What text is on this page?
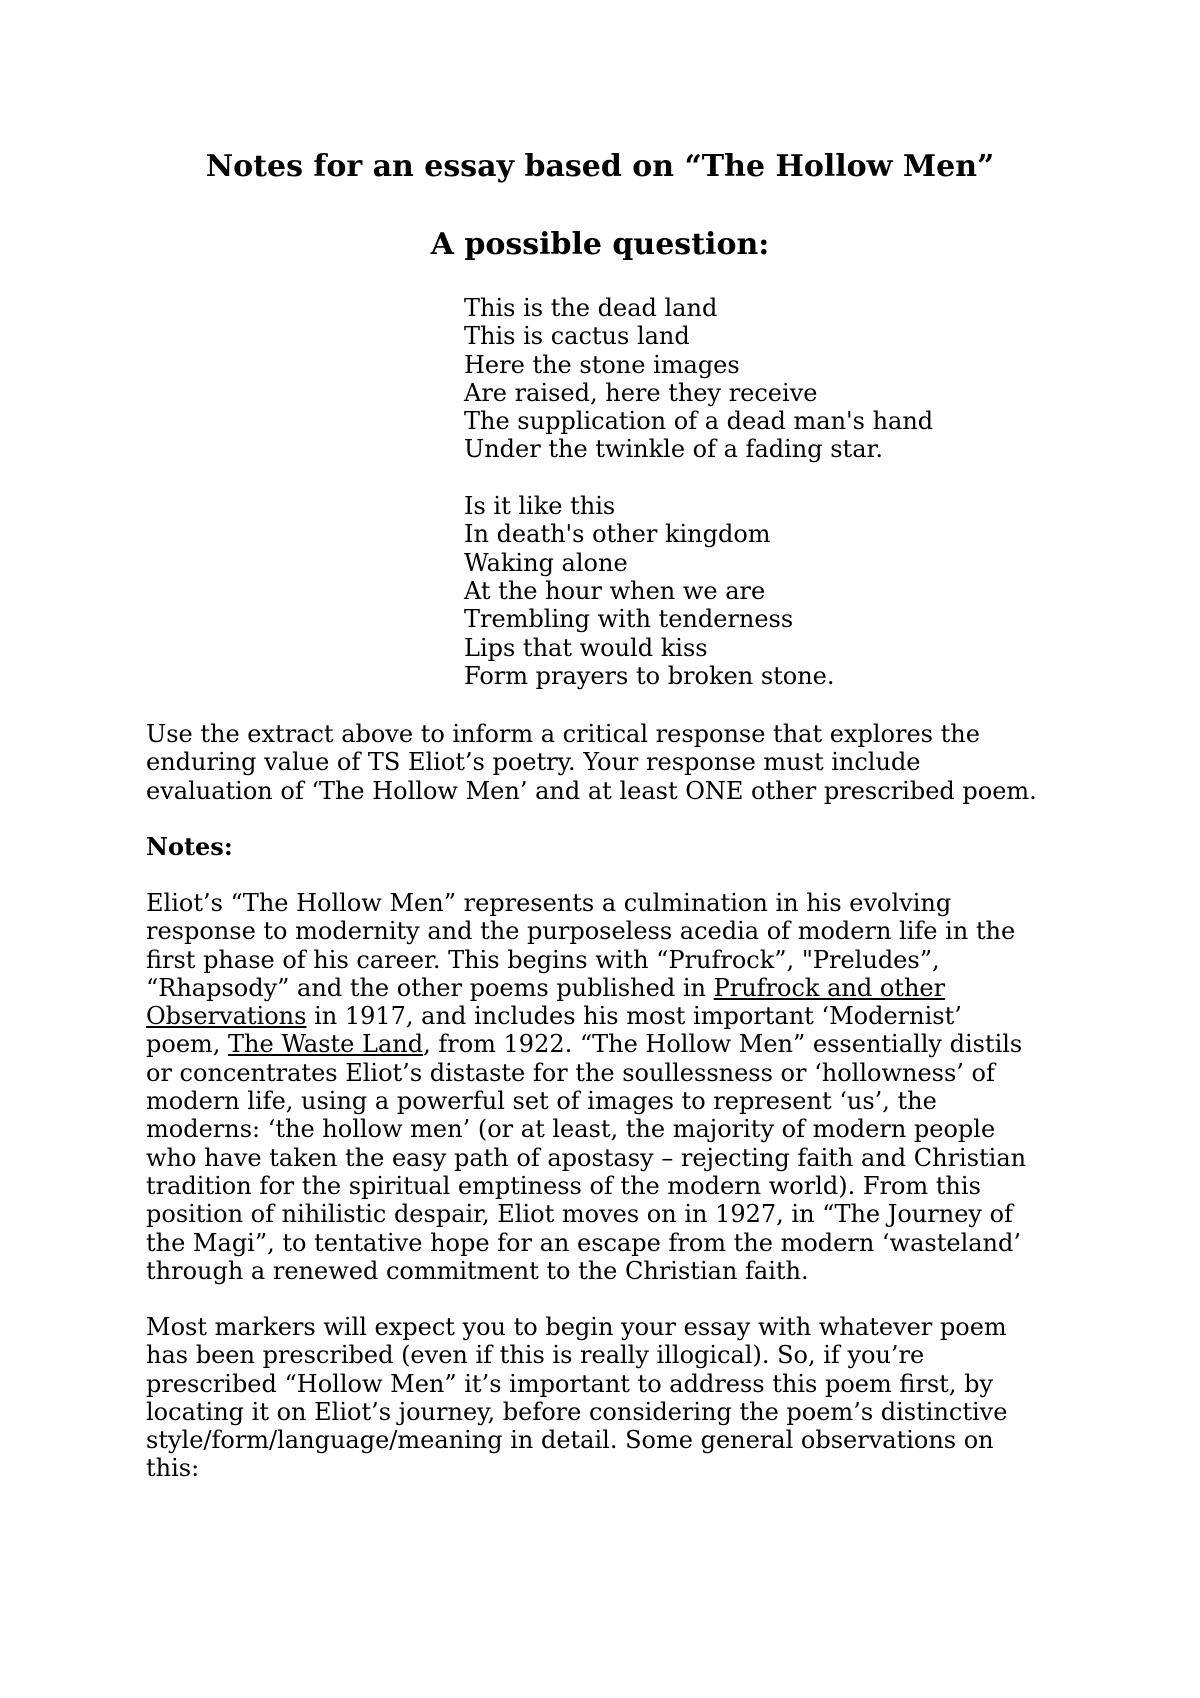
Notes for an essay based on “The Hollow Men”
A possible question:
This is the dead land
This is cactus land
Here the stone images
Are raised, here they receive
The supplication of a dead man's hand
Under the twinkle of a fading star.
Is it like this
In death's other kingdom
Waking alone
At the hour when we are
Trembling with tenderness
Lips that would kiss
Form prayers to broken stone.
Use the extract above to inform a critical response that explores the
enduring value of TS Eliot’s poetry. Your response must include
evaluation of ‘The Hollow Men’ and at least ONE other prescribed poem.
Notes:
Eliot’s “The Hollow Men” represents a culmination in his evolving
response to modernity and the purposeless acedia of modern life in the
first phase of his career. This begins with “Prufrock”, "Preludes”,
“Rhapsody” and the other poems published in Prufrock and other
Observations in 1917, and includes his most important ‘Modernist’
poem, The Waste Land, from 1922. “The Hollow Men” essentially distils
or concentrates Eliot’s distaste for the soullessness or ‘hollowness’ of
modern life, using a powerful set of images to represent ‘us’, the
moderns: ‘the hollow men’ (or at least, the majority of modern people
who have taken the easy path of apostasy – rejecting faith and Christian
tradition for the spiritual emptiness of the modern world). From this
position of nihilistic despair, Eliot moves on in 1927, in “The Journey of
the Magi”, to tentative hope for an escape from the modern ‘wasteland’
through a renewed commitment to the Christian faith.
Most markers will expect you to begin your essay with whatever poem
has been prescribed (even if this is really illogical). So, if you’re
prescribed “Hollow Men” it’s important to address this poem first, by
locating it on Eliot’s journey, before considering the poem’s distinctive
style/form/language/meaning in detail. Some general observations on
this:
